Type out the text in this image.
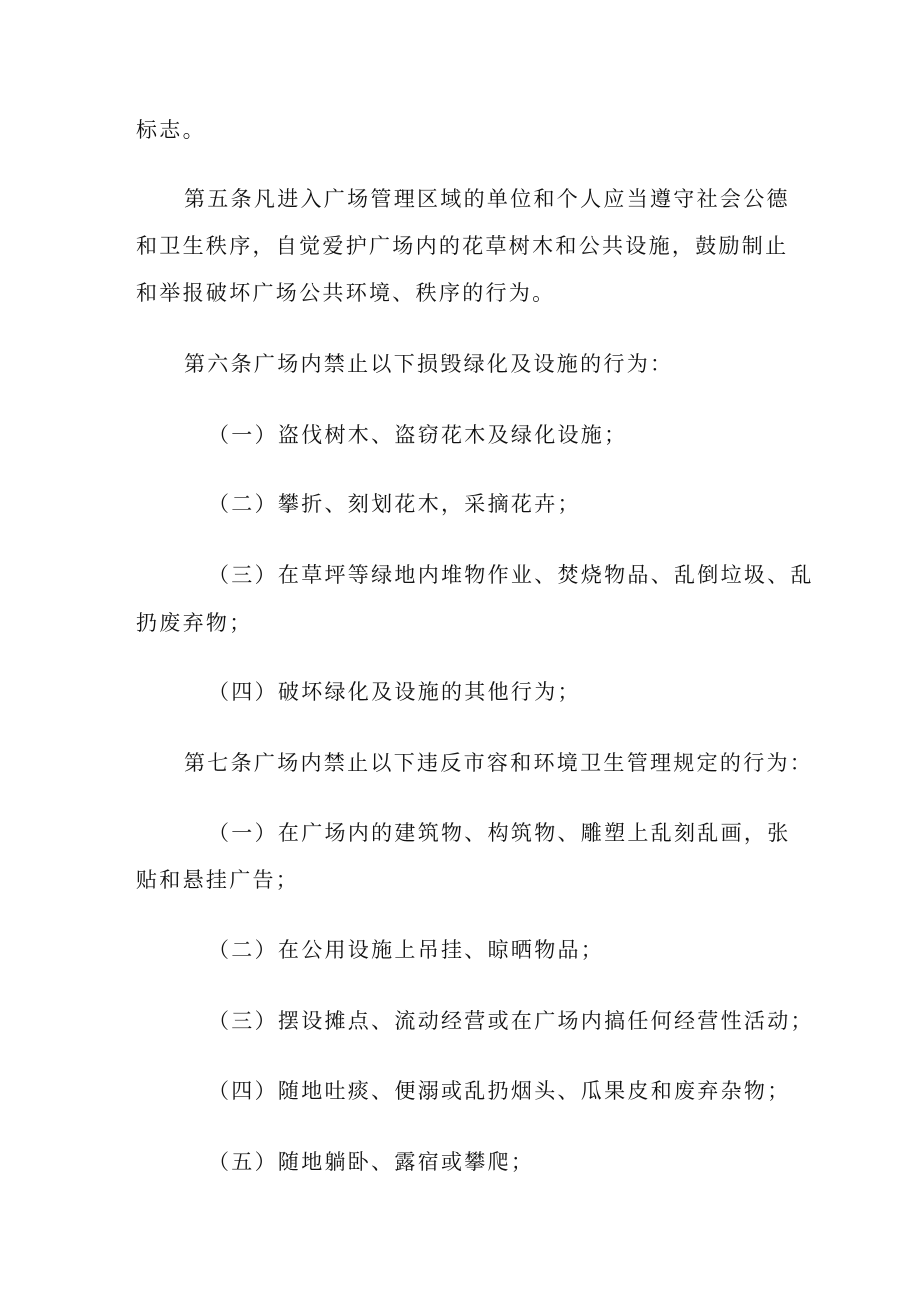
标志。

第五条凡进入广场管理区域的单位和个人应当遵守社会公德

和卫生秩序，自觉爱护广场内的花草树木和公共设施，鼓励制止

和举报破坏广场公共环境、秩序的行为。

第六条广场内禁止以下损毁绿化及设施的行为：

（一）盗伐树木、盗窃花木及绿化设施；

（二）攀折、刻划花木，采摘花卉；

（三）在草坪等绿地内堆物作业、焚烧物品、乱倒垃圾、乱

扔废弃物；

（四）破坏绿化及设施的其他行为；

第七条广场内禁止以下违反市容和环境卫生管理规定的行为：

（一）在广场内的建筑物、构筑物、雕塑上乱刻乱画，张

贴和悬挂广告；

（二）在公用设施上吊挂、晾晒物品；

（三）摆设摊点、流动经营或在广场内搞任何经营性活动；

（四）随地吐痰、便溺或乱扔烟头、瓜果皮和废弃杂物；

（五）随地躺卧、露宿或攀爬；
